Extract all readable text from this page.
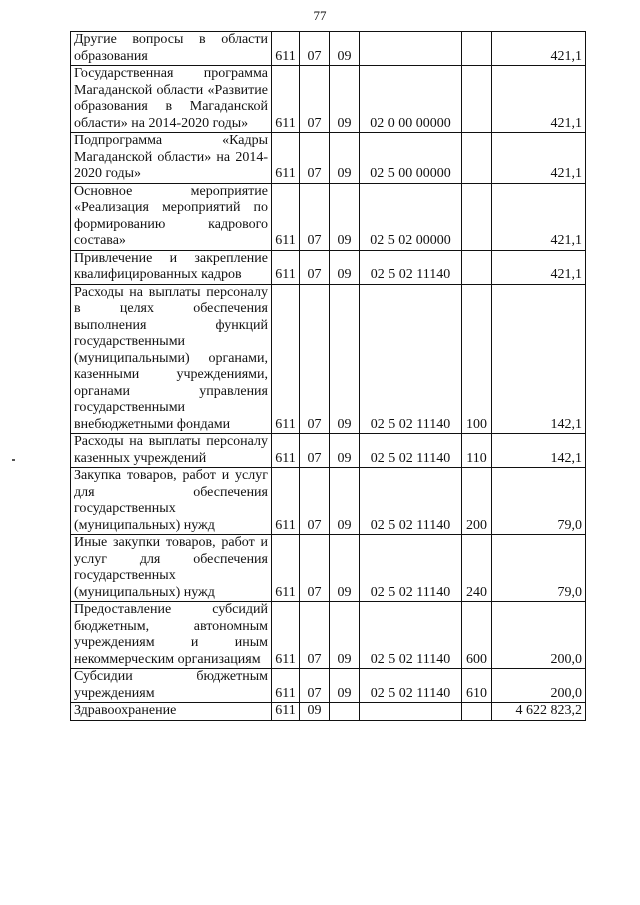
77
Другие вопросы в области образования	611	07	09			421,1
Государственная программа Магаданской области «Развитие образования в Магаданской области» на 2014-2020 годы»	611	07	09	02 0 00 00000		421,1
Подпрограмма «Кадры Магаданской области» на 2014-2020 годы»	611	07	09	02 5 00 00000		421,1
Основное мероприятие «Реализация мероприятий по формированию кадрового состава»	611	07	09	02 5 02 00000		421,1
Привлечение и закрепление квалифицированных кадров	611	07	09	02 5 02 11140		421,1
Расходы на выплаты персоналу в целях обеспечения выполнения функций государственными (муниципальными) органами, казенными учреждениями, органами управления государственными внебюджетными фондами	611	07	09	02 5 02 11140	100	142,1
Расходы на выплаты персоналу казенных учреждений	611	07	09	02 5 02 11140	110	142,1
Закупка товаров, работ и услуг для обеспечения государственных (муниципальных) нужд	611	07	09	02 5 02 11140	200	79,0
Иные закупки товаров, работ и услуг для обеспечения государственных (муниципальных) нужд	611	07	09	02 5 02 11140	240	79,0
Предоставление субсидий бюджетным, автономным учреждениям и иным некоммерческим организациям	611	07	09	02 5 02 11140	600	200,0
Субсидии бюджетным учреждениям	611	07	09	02 5 02 11140	610	200,0
Здравоохранение	611	09				4 622 823,2
